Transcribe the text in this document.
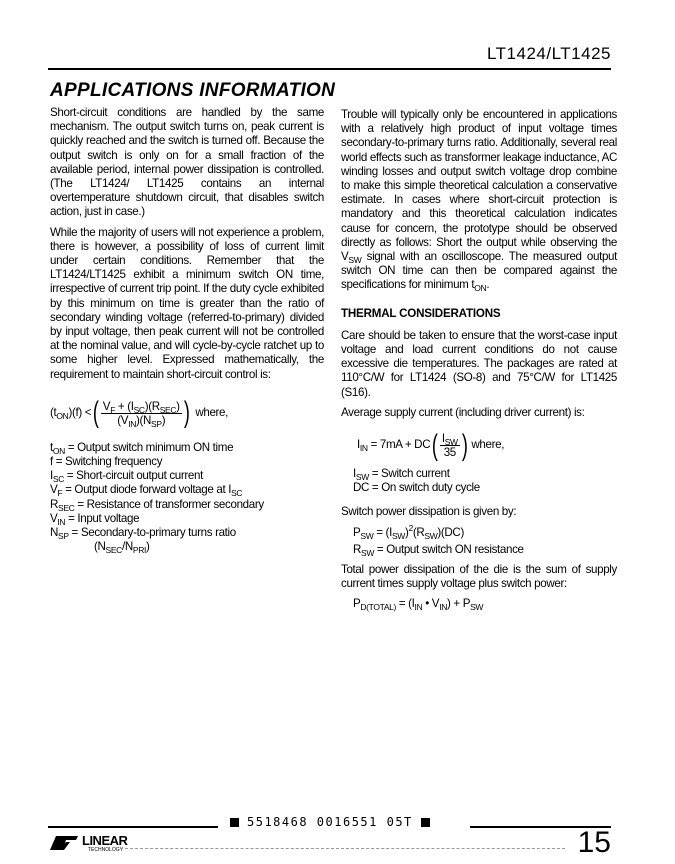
LT1424/LT1425
APPLICATIONS INFORMATION

Short-circuit conditions are handled by the same mechanism. The output switch turns on, peak current is quickly reached and the switch is turned off. Because the output switch is only on for a small fraction of the available period, internal power dissipation is controlled. (The LT1424/ LT1425 contains an internal overtemperature shutdown circuit, that disables switch action, just in case.)

While the majority of users will not experience a problem, there is however, a possibility of loss of current limit under certain conditions. Remember that the LT1424/LT1425 exhibit a minimum switch ON time, irrespective of current trip point. If the duty cycle exhibited by this minimum on time is greater than the ratio of secondary winding voltage (referred-to-primary) divided by input voltage, then peak current will not be controlled at the nominal value, and will cycle-by-cycle ratchet up to some higher level. Expressed mathematically, the requirement to maintain short-circuit control is:

$(t_{ON})(f)$ < ( $\frac{V_F + (I_{SC})(R_{SEC})}{(V_{IN})(N_{SP})}$ ) where,
$t_{ON}$ = Output switch minimum ON time
f = Switching frequency
$I_{SC}$ = Short-circuit output current
$V_F$ = Output diode forward voltage at $I_{SC}$
$R_{SEC}$ = Resistance of transformer secondary
$V_{IN}$ = Input voltage
$N_{SP}$ = Secondary-to-primary turns ratio
$(N_{SEC}/N_{PRI})$

Trouble will typically only be encountered in applications with a relatively high product of input voltage times secondary-to-primary turns ratio. Additionally, several real world effects such as transformer leakage inductance, AC winding losses and output switch voltage drop combine to make this simple theoretical calculation a conservative estimate. In cases where short-circuit protection is mandatory and this theoretical calculation indicates cause for concern, the prototype should be observed directly as follows: Short the output while observing the $V_{SW}$ signal with an oscilloscope. The measured output switch ON time can then be compared against the specifications for minimum $t_{ON}$.

THERMAL CONSIDERATIONS

Care should be taken to ensure that the worst-case input voltage and load current conditions do not cause excessive die temperatures. The packages are rated at 110°C/W for LT1424 (SO-8) and 75°C/W for LT1425 (S16).

Average supply current (including driver current) is:

$I_{IN} = 7mA$ + DC ( $\frac{I_{SW}}{35}$ ) where,
$I_{SW}$ = Switch current
DC = On switch duty cycle

Switch power dissipation is given by:

$P_{SW} = (I_{SW})^2(R_{SW})(DC)$
$R_{SW}$ = Output switch ON resistance

Total power dissipation of the die is the sum of supply current times supply voltage plus switch power:

$P_{D(TOTAL)} = (I_{IN}$ • $V_{IN}) + P_{SW}$
5518468 0016551 05T
LINEAR
TECHNOLOGY	15
